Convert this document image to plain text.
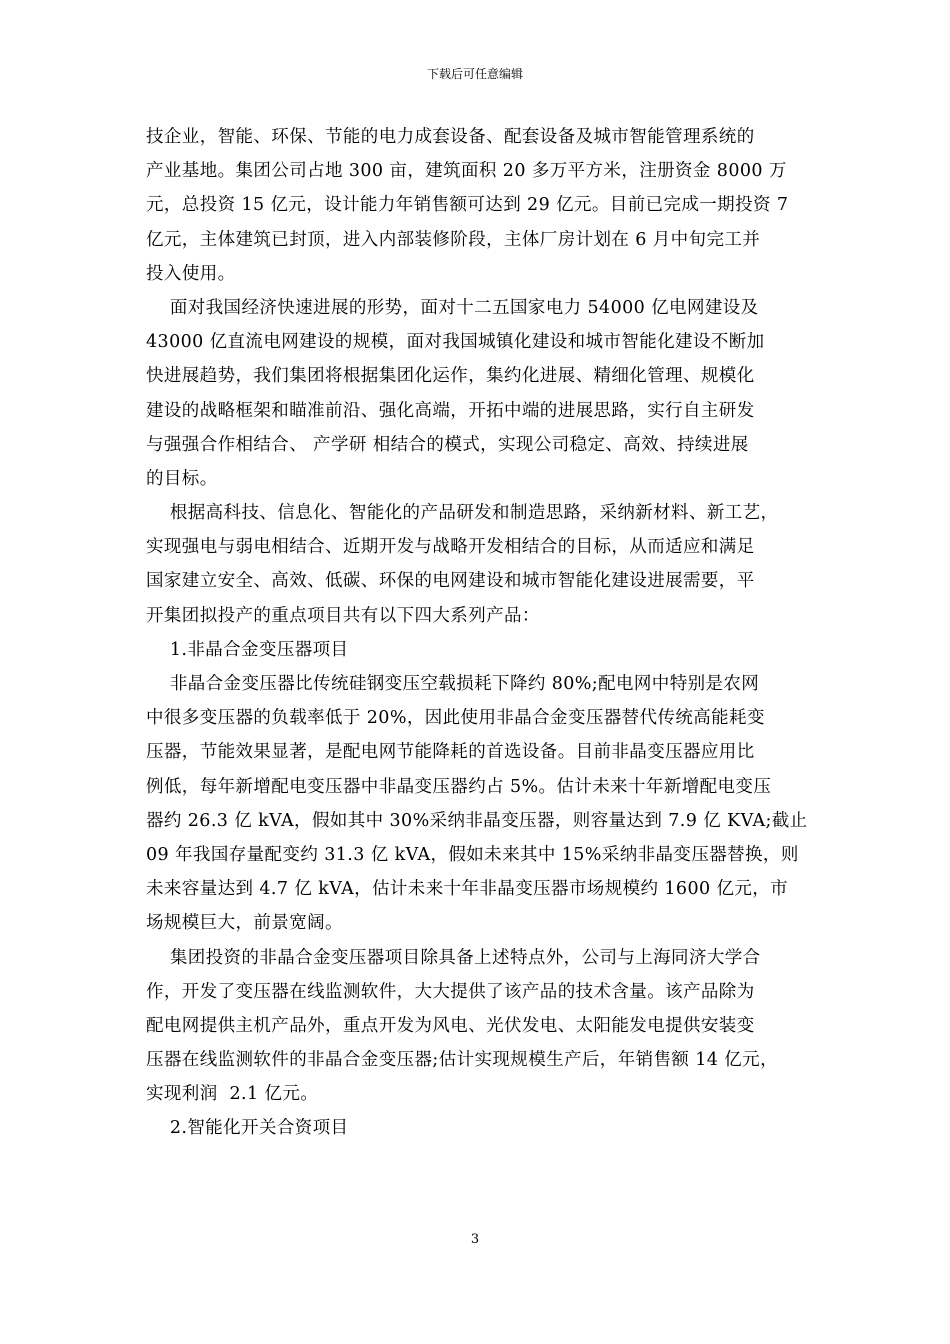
下载后可任意编辑
技企业，智能、环保、节能的电力成套设备、配套设备及城市智能管理系统的
产业基地。集团公司占地 300 亩，建筑面积 20 多万平方米，注册资金 8000 万
元，总投资 15 亿元，设计能力年销售额可达到 29 亿元。目前已完成一期投资 7
亿元，主体建筑已封顶，进入内部装修阶段，主体厂房计划在 6 月中旬完工并
投入使用。
面对我国经济快速进展的形势，面对十二五国家电力 54000 亿电网建设及
43000 亿直流电网建设的规模，面对我国城镇化建设和城市智能化建设不断加
快进展趋势，我们集团将根据集团化运作，集约化进展、精细化管理、规模化
建设的战略框架和瞄准前沿、强化高端，开拓中端的进展思路，实行自主研发
与强强合作相结合、 产学研 相结合的模式，实现公司稳定、高效、持续进展
的目标。
根据高科技、信息化、智能化的产品研发和制造思路，采纳新材料、新工艺，
实现强电与弱电相结合、近期开发与战略开发相结合的目标，从而适应和满足
国家建立安全、高效、低碳、环保的电网建设和城市智能化建设进展需要，平
开集团拟投产的重点项目共有以下四大系列产品：
1.非晶合金变压器项目
非晶合金变压器比传统硅钢变压空载损耗下降约 80%;配电网中特别是农网
中很多变压器的负载率低于 20%，因此使用非晶合金变压器替代传统高能耗变
压器，节能效果显著，是配电网节能降耗的首选设备。目前非晶变压器应用比
例低，每年新增配电变压器中非晶变压器约占 5%。估计未来十年新增配电变压
器约 26.3 亿 kVA，假如其中 30%采纳非晶变压器，则容量达到 7.9 亿 KVA;截止
09 年我国存量配变约 31.3 亿 kVA，假如未来其中 15%采纳非晶变压器替换，则
未来容量达到 4.7 亿 kVA，估计未来十年非晶变压器市场规模约 1600 亿元，市
场规模巨大，前景宽阔。
集团投资的非晶合金变压器项目除具备上述特点外，公司与上海同济大学合
作，开发了变压器在线监测软件，大大提供了该产品的技术含量。该产品除为
配电网提供主机产品外，重点开发为风电、光伏发电、太阳能发电提供安装变
压器在线监测软件的非晶合金变压器;估计实现规模生产后，年销售额 14 亿元，
实现利润  2.1 亿元。
2.智能化开关合资项目
3
